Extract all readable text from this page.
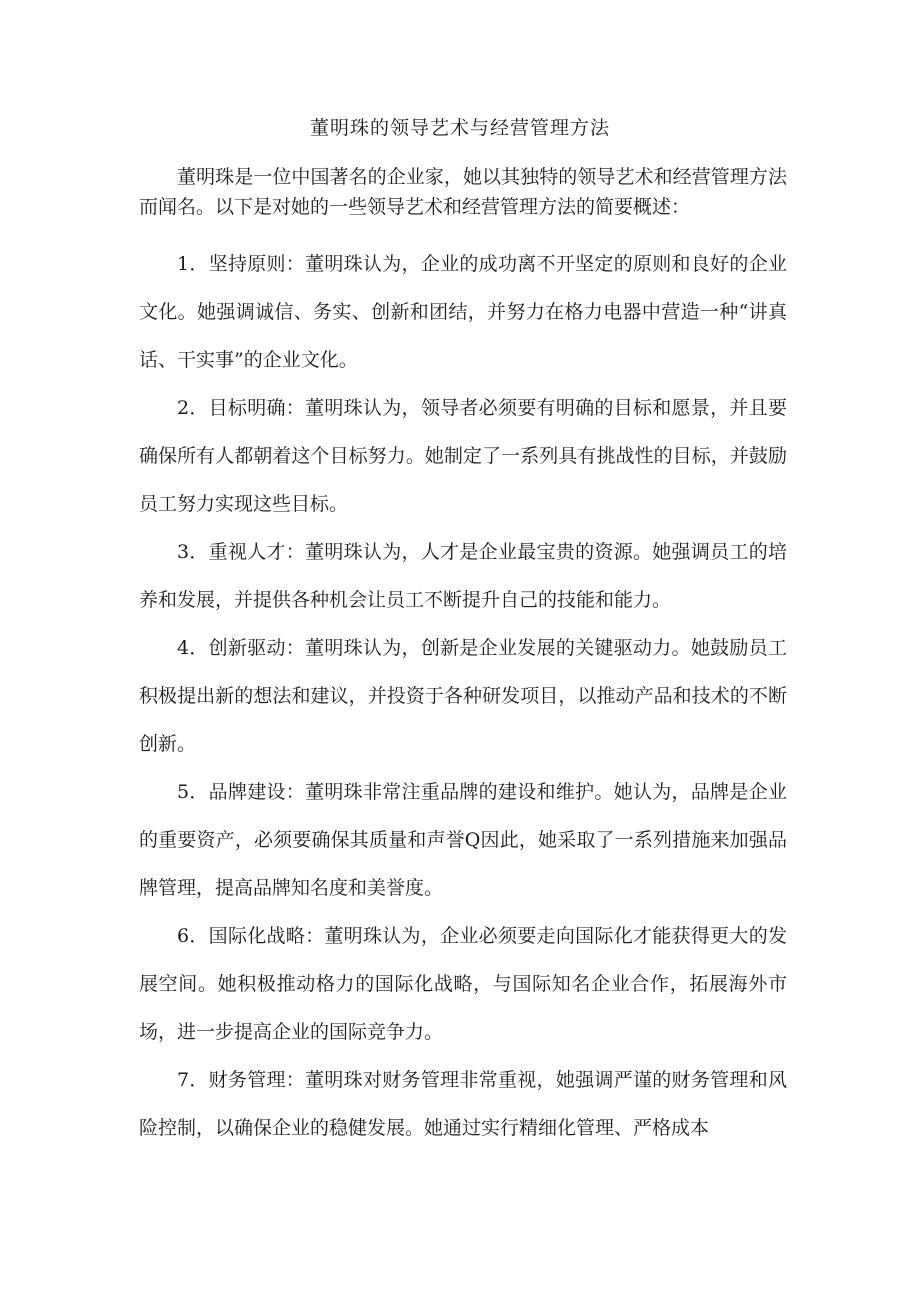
董明珠的领导艺术与经营管理方法

董明珠是一位中国著名的企业家，她以其独特的领导艺术和经营管理方法而闻名。以下是对她的一些领导艺术和经营管理方法的简要概述：

1．坚持原则：董明珠认为，企业的成功离不开坚定的原则和良好的企业文化。她强调诚信、务实、创新和团结，并努力在格力电器中营造一种“讲真话、干实事”的企业文化。

2．目标明确：董明珠认为，领导者必须要有明确的目标和愿景，并且要确保所有人都朝着这个目标努力。她制定了一系列具有挑战性的目标，并鼓励员工努力实现这些目标。

3．重视人才：董明珠认为，人才是企业最宝贵的资源。她强调员工的培养和发展，并提供各种机会让员工不断提升自己的技能和能力。

4．创新驱动：董明珠认为，创新是企业发展的关键驱动力。她鼓励员工积极提出新的想法和建议，并投资于各种研发项目，以推动产品和技术的不断创新。

5．品牌建设：董明珠非常注重品牌的建设和维护。她认为，品牌是企业的重要资产，必须要确保其质量和声誉Q因此，她采取了一系列措施来加强品牌管理，提高品牌知名度和美誉度。

6．国际化战略：董明珠认为，企业必须要走向国际化才能获得更大的发展空间。她积极推动格力的国际化战略，与国际知名企业合作，拓展海外市场，进一步提高企业的国际竞争力。

7．财务管理：董明珠对财务管理非常重视，她强调严谨的财务管理和风险控制，以确保企业的稳健发展。她通过实行精细化管理、严格成本
